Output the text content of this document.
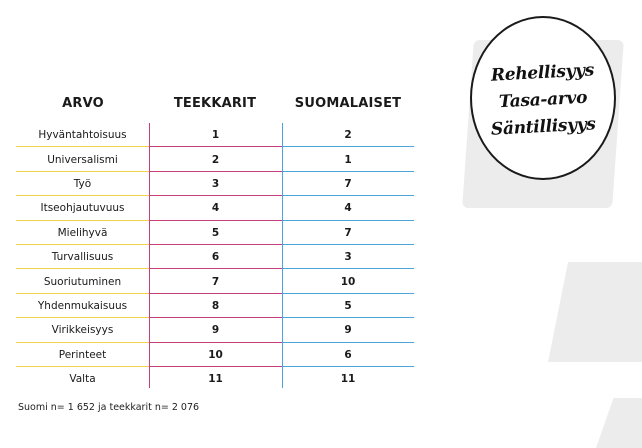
Rehellisyys
Tasa-arvo
Säntillisyys
ARVO	TEEKKARIT	SUOMALAISET
Hyväntahtoisuus	1	2
Universalismi	2	1
Työ	3	7
Itseohjautuvuus	4	4
Mielihyvä	5	7
Turvallisuus	6	3
Suoriutuminen	7	10
Yhdenmukaisuus	8	5
Virikkeisyys	9	9
Perinteet	10	6
Valta	11	11
Suomi n= 1 652 ja teekkarit n= 2 076
